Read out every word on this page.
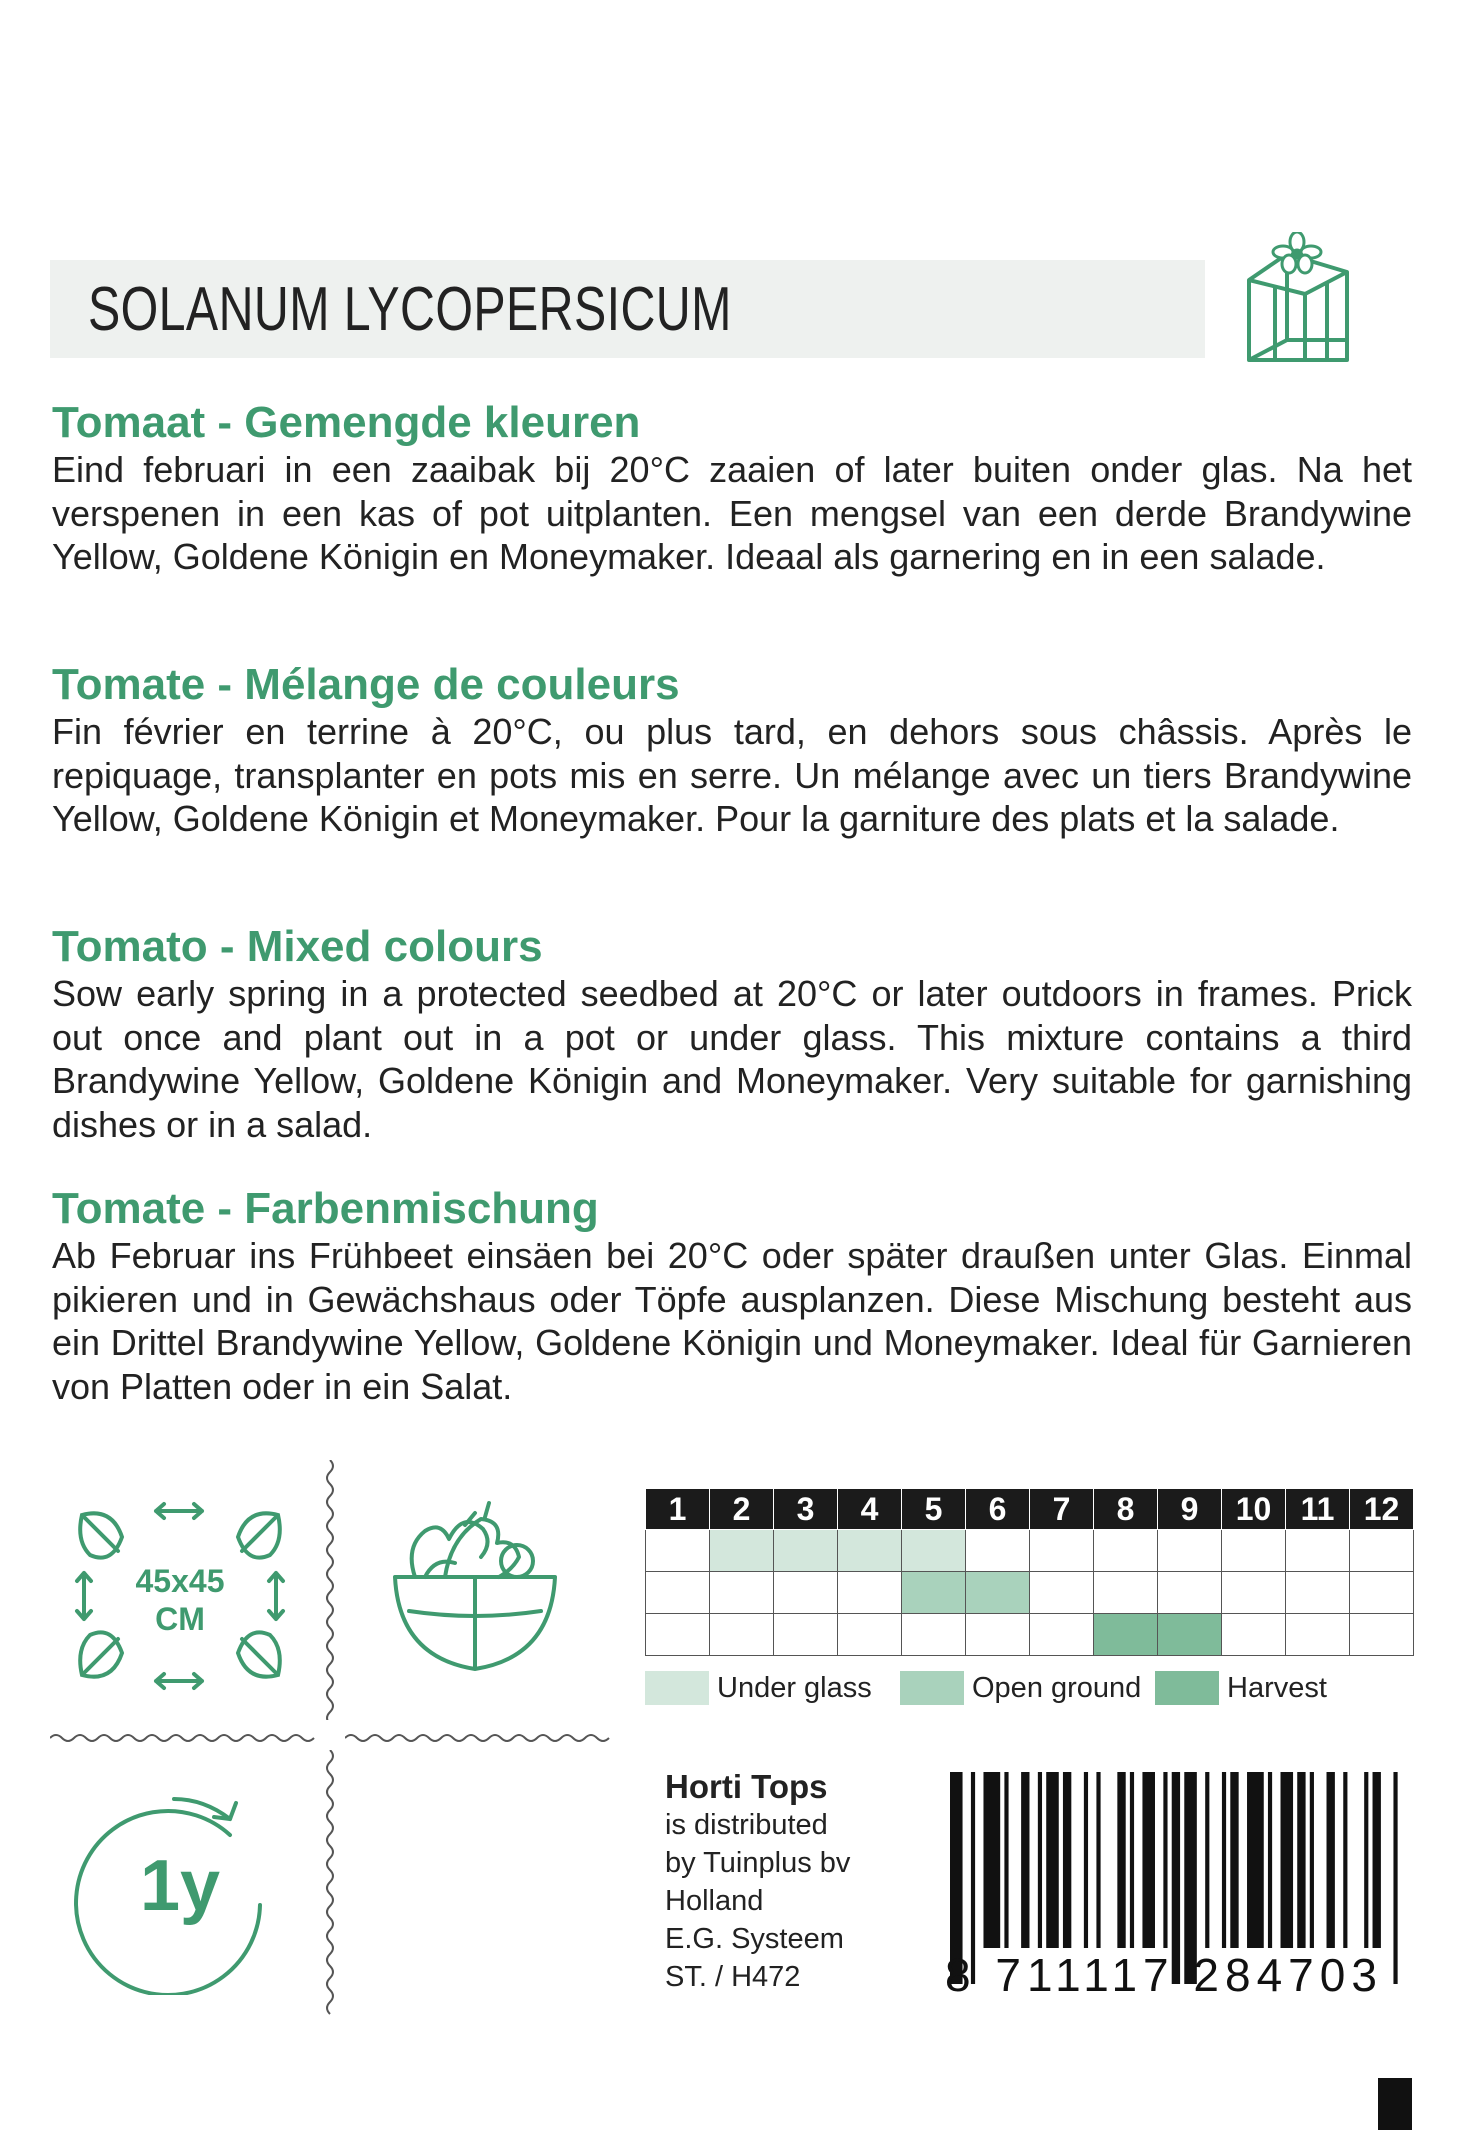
SOLANUM LYCOPERSICUM
Tomaat - Gemengde kleuren

Eind februari in een zaaibak bij 20°C zaaien of later buiten onder glas. Na het verspenen in een kas of pot uitplanten. Een mengsel van een derde Brandywine Yellow, Goldene Königin en Moneymaker. Ideaal als garnering en in een salade.

Tomate - Mélange de couleurs

Fin février en terrine à 20°C, ou plus tard, en dehors sous châssis. Après le repiquage, transplanter en pots mis en serre. Un mélange avec un tiers Brandywine Yellow, Goldene Königin et Moneymaker. Pour la garniture des plats et la salade.

Tomato - Mixed colours

Sow early spring in a protected seedbed at 20°C or later outdoors in frames. Prick out once and plant out in a pot or under glass. This mixture contains a third Brandywine Yellow, Goldene Königin and Moneymaker. Very suitable for garnishing dishes or in a salad.

Tomate - Farbenmischung

Ab Februar ins Frühbeet einsäen bei 20°C oder später draußen unter Glas. Einmal pikieren und in Gewächshaus oder Töpfe ausplanzen. Diese Mischung besteht aus ein Drittel Brandywine Yellow, Goldene Königin und Moneymaker. Ideal für Garnieren von Platten oder in ein Salat.

45x45
CM
1y
1	2	3	4	5	6	7	8	9	10	11	12

Under glass	Open ground	Harvest
Horti Tops
is distributed
by Tuinplus bv
Holland
E.G. Systeem
ST. / H472	8 711117 284703
